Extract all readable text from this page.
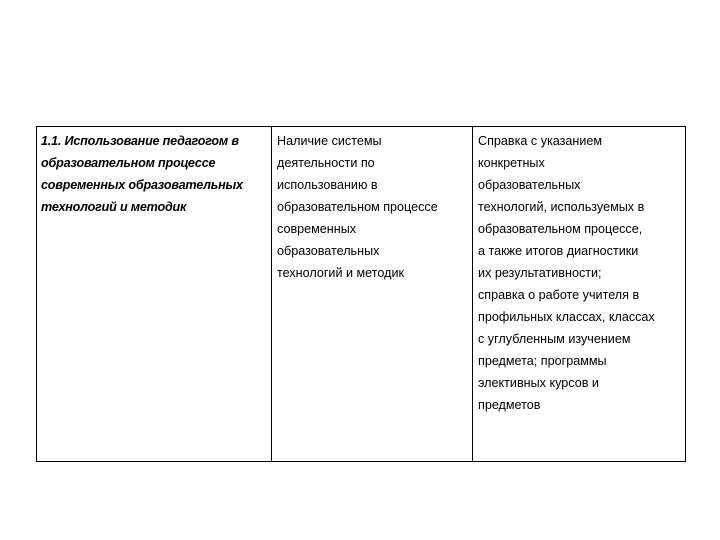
1.1. Использование педагогом в
образовательном процессе
современных образовательных
технологий и методик
Наличие системы
деятельности по
использованию в
образовательном процессе
современных
образовательных
технологий и методик
Справка с указанием
конкретных
образовательных
технологий, используемых в
образовательном процессе,
а также итогов диагностики
их результативности;
справка о работе учителя в
профильных классах, классах
с углубленным изучением
предмета; программы
элективных курсов и
предметов
